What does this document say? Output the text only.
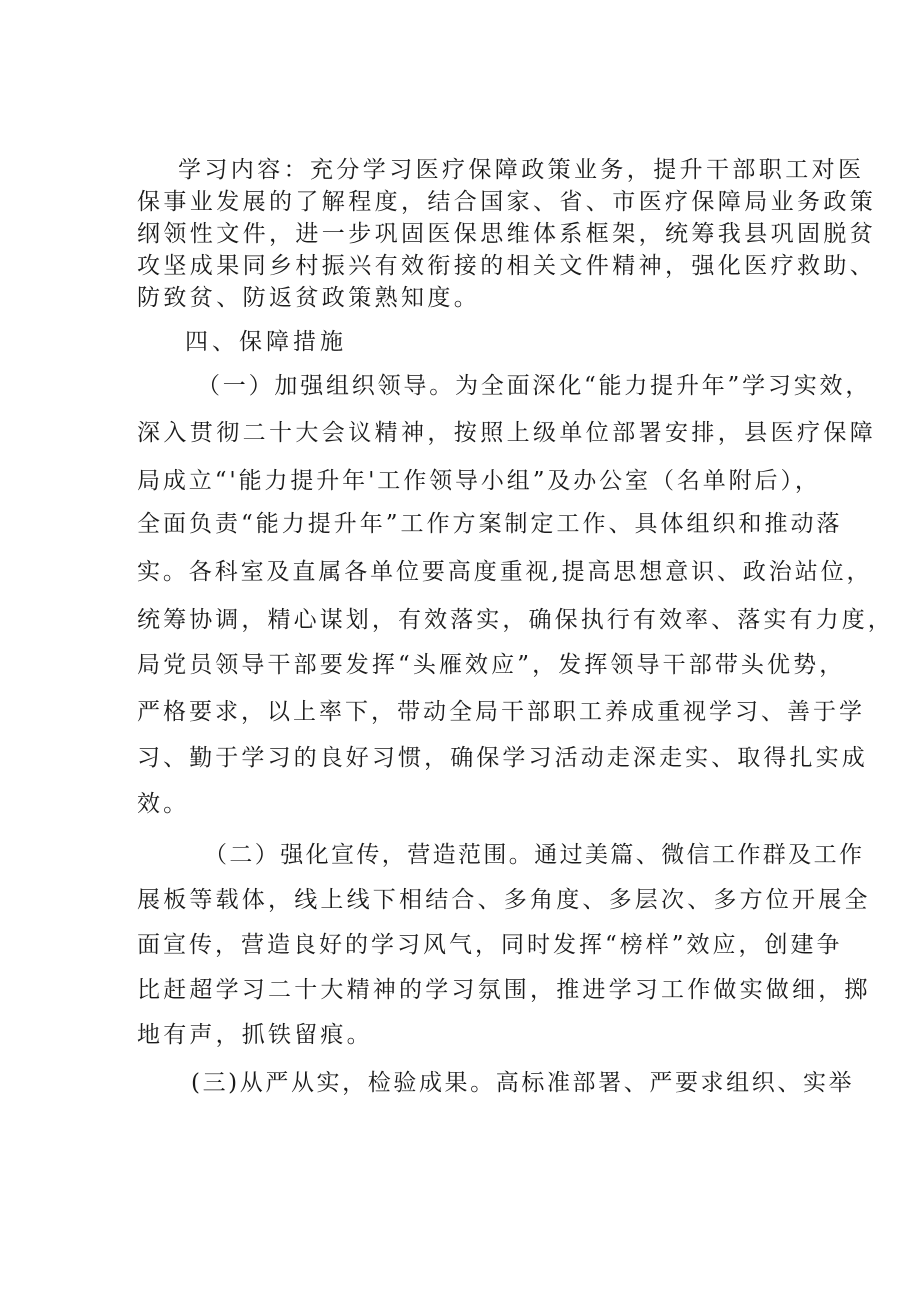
学习内容：充分学习医疗保障政策业务，提升干部职工对医
保事业发展的了解程度，结合国家、省、市医疗保障局业务政策
纲领性文件，进一步巩固医保思维体系框架，统筹我县巩固脱贫
攻坚成果同乡村振兴有效衔接的相关文件精神，强化医疗救助、
防致贫、防返贫政策熟知度。
四、保障措施
（一）加强组织领导。为全面深化“能力提升年”学习实效，
深入贯彻二十大会议精神，按照上级单位部署安排，县医疗保障
局成立“'能力提升年'工作领导小组”及办公室（名单附后），
全面负责“能力提升年”工作方案制定工作、具体组织和推动落
实。各科室及直属各单位要高度重视,提高思想意识、政治站位，
统筹协调，精心谋划，有效落实，确保执行有效率、落实有力度，
局党员领导干部要发挥“头雁效应”，发挥领导干部带头优势，
严格要求，以上率下，带动全局干部职工养成重视学习、善于学
习、勤于学习的良好习惯，确保学习活动走深走实、取得扎实成
效。
（二）强化宣传，营造范围。通过美篇、微信工作群及工作
展板等载体，线上线下相结合、多角度、多层次、多方位开展全
面宣传，营造良好的学习风气，同时发挥“榜样”效应，创建争
比赶超学习二十大精神的学习氛围，推进学习工作做实做细，掷
地有声，抓铁留痕。
(三)从严从实，检验成果。高标准部署、严要求组织、实举
